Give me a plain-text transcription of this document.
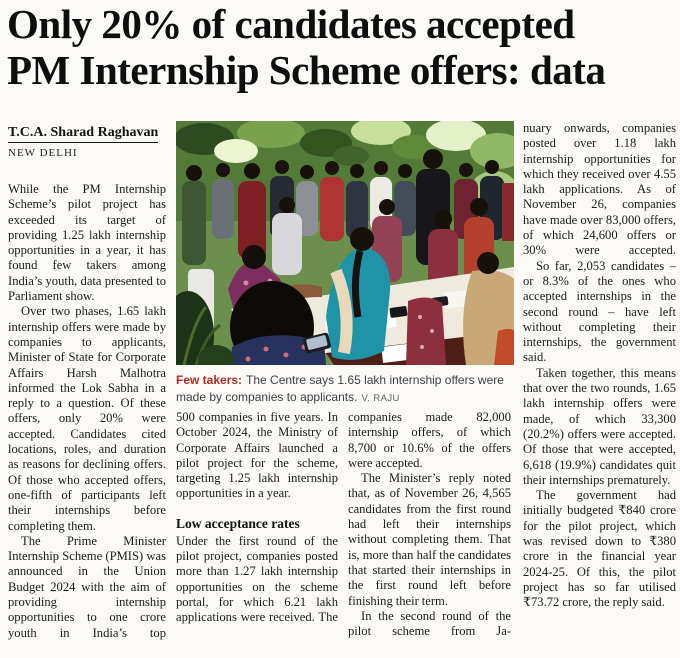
Only 20% of candidates accepted
PM Internship Scheme offers: data
T.C.A. Sharad Raghavan
NEW DELHI

While the PM Internship Scheme’s pilot project has exceeded its target of providing 1.25 lakh internship opportunities in a year, it has found few takers among India’s youth, data presented to Parliament show.

Over two phases, 1.65 lakh internship offers were made by companies to applicants, Minister of State for Corporate Affairs Harsh Malhotra informed the Lok Sabha in a reply to a question. Of these offers, only 20% were accepted. Candidates cited locations, roles, and duration as reasons for declining offers. Of those who accepted offers, one-fifth of participants left their internships before completing them.

The Prime Minister Internship Scheme (PMIS) was announced in the Union Budget 2024 with the aim of providing internship opportunities to one crore youth in India’s top

Few takers: The Centre says 1.65 lakh internship offers were made by companies to applicants. V. RAJU

500 companies in five years. In October 2024, the Ministry of Corporate Affairs launched a pilot project for the scheme, targeting 1.25 lakh internship opportunities in a year.

Low acceptance rates

Under the first round of the pilot project, companies posted more than 1.27 lakh internship opportunities on the scheme portal, for which 6.21 lakh applications were received. The

companies made 82,000 internship offers, of which 8,700 or 10.6% of the offers were accepted.

The Minister’s reply noted that, as of November 26, 4,565 candidates from the first round had left their internships without completing them. That is, more than half the candidates that started their internships in the first round left before finishing their term.

In the second round of the pilot scheme from Ja-

nuary onwards, companies posted over 1.18 lakh internship opportunities for which they received over 4.55 lakh applications. As of November 26, companies have made over 83,000 offers, of which 24,600 offers or 30% were accepted.

So far, 2,053 candidates – or 8.3% of the ones who accepted internships in the second round – have left without completing their internships, the government said.

Taken together, this means that over the two rounds, 1.65 lakh internship offers were made, of which 33,300 (20.2%) offers were accepted. Of those that were accepted, 6,618 (19.9%) candidates quit their internships prematurely.

The government had initially budgeted ₹840 crore for the pilot project, which was revised down to ₹380 crore in the financial year 2024-25. Of this, the pilot project has so far utilised ₹73.72 crore, the reply said.
